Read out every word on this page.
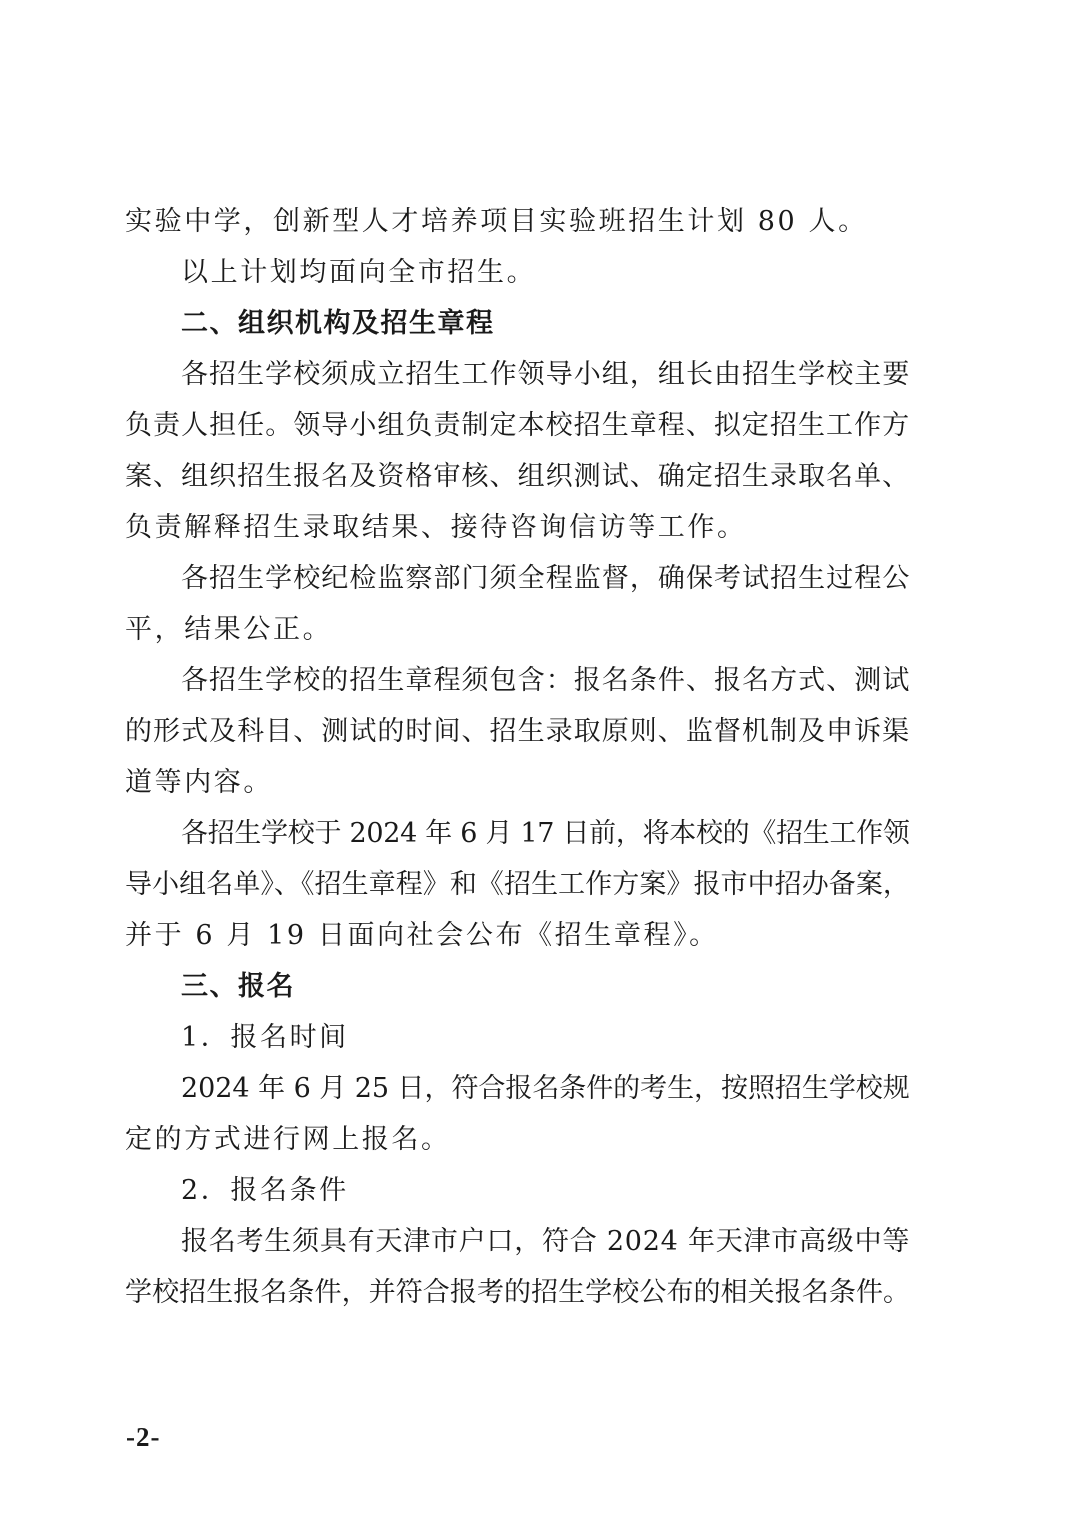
实验中学，创新型人才培养项目实验班招生计划 80 人。
以上计划均面向全市招生。
二、组织机构及招生章程
各招生学校须成立招生工作领导小组，组长由招生学校主要
负责人担任。领导小组负责制定本校招生章程、拟定招生工作方
案、组织招生报名及资格审核、组织测试、确定招生录取名单、
负责解释招生录取结果、接待咨询信访等工作。
各招生学校纪检监察部门须全程监督，确保考试招生过程公
平，结果公正。
各招生学校的招生章程须包含：报名条件、报名方式、测试
的形式及科目、测试的时间、招生录取原则、监督机制及申诉渠
道等内容。
各招生学校于 2024 年 6 月 17 日前，将本校的《招生工作领
导小组名单》、《招生章程》和《招生工作方案》报市中招办备案，
并于 6 月 19 日面向社会公布《招生章程》。
三、报名
1．报名时间
2024 年 6 月 25 日，符合报名条件的考生，按照招生学校规
定的方式进行网上报名。
2．报名条件
报名考生须具有天津市户口，符合 2024 年天津市高级中等
学校招生报名条件，并符合报考的招生学校公布的相关报名条件。
-2-
